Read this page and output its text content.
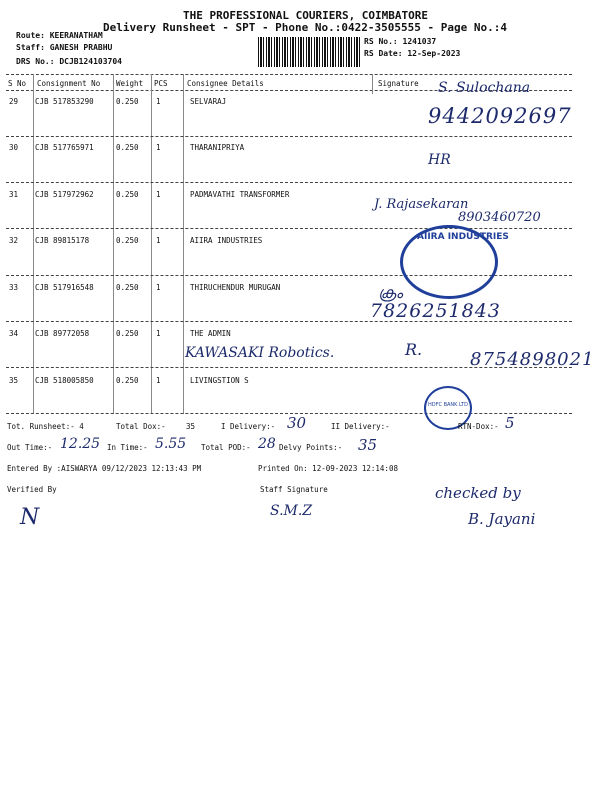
THE PROFESSIONAL COURIERS, COIMBATORE
Delivery Runsheet - SPT - Phone No.:0422-3505555 - Page No.:4
Route: KEERANATHAM
Staff: GANESH PRABHU
DRS No.: DCJB124103704
RS No.: 1241037
RS Date: 12-Sep-2023
S No Consignment No Weight PCS	Consignee Details	Signature
29 CJB 517853290	0.250 1	SELVARAJ
30 CJB 517765971	0.250 1	THARANIPRIYA
31 CJB 517972962	0.250 1	PADMAVATHI TRANSFORMER
32 CJB 89815178	0.250 1	AIIRA INDUSTRIES
33 CJB 517916548	0.250 1	THIRUCHENDUR MURUGAN
34 CJB 89772058	0.250 1	THE ADMIN
35 CJB 518005850	0.250 1	LIVINGSTION S
S. Sulochana
9442092697
HR
J. Rajasekaran
8903460720
AIIRA INDUSTRIES
ക്രം
7826251843
KAWASAKI Robotics.	R.	8754898021
HDFC BANK LTD
Tot. Runsheet:- 4	Total Dox:-	35	I Delivery:- 30	II Delivery:-	RTN-Dox:- 5
Out Time:- 12.25 In Time:- 5.55 Total POD:- 28 Delvy Points:- 35
Entered By :AISWARYA 09/12/2023 12:13:43 PM	Printed On: 12-09-2023 12:14:08
Verified By	Staff Signature	checked by
B. Jayani
N	S.M.Z
